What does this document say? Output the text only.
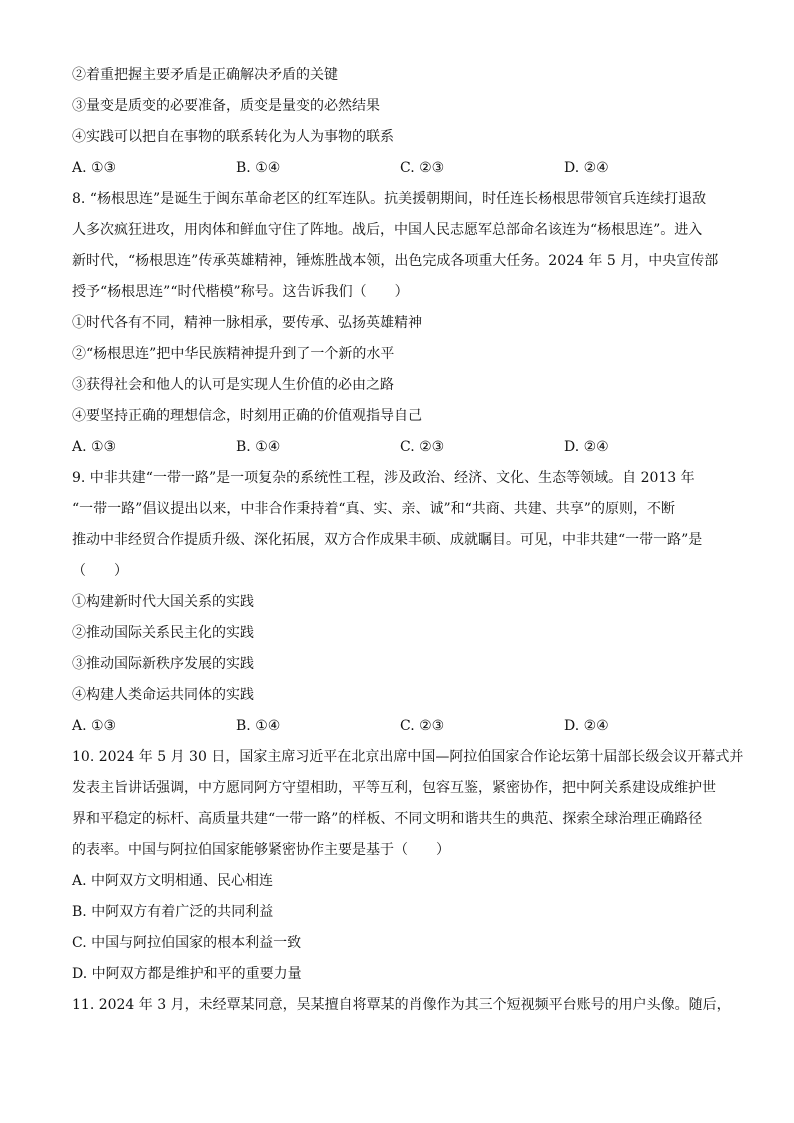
②着重把握主要矛盾是正确解决矛盾的关键
③量变是质变的必要准备，质变是量变的必然结果
④实践可以把自在事物的联系转化为人为事物的联系
A. ①③	B. ①④	C. ②③	D. ②④
8. “杨根思连”是诞生于闽东革命老区的红军连队。抗美援朝期间，时任连长杨根思带领官兵连续打退敌
人多次疯狂进攻，用肉体和鲜血守住了阵地。战后，中国人民志愿军总部命名该连为“杨根思连”。进入
新时代，“杨根思连”传承英雄精神，锤炼胜战本领，出色完成各项重大任务。2024 年 5 月，中央宣传部
授予“杨根思连”“时代楷模”称号。这告诉我们（　　）
①时代各有不同，精神一脉相承，要传承、弘扬英雄精神
②“杨根思连”把中华民族精神提升到了一个新的水平
③获得社会和他人的认可是实现人生价值的必由之路
④要坚持正确的理想信念，时刻用正确的价值观指导自己
A. ①③	B. ①④	C. ②③	D. ②④
9. 中非共建“一带一路”是一项复杂的系统性工程，涉及政治、经济、文化、生态等领域。自 2013 年
“一带一路”倡议提出以来，中非合作秉持着“真、实、亲、诚”和“共商、共建、共享”的原则，不断
推动中非经贸合作提质升级、深化拓展，双方合作成果丰硕、成就瞩目。可见，中非共建“一带一路”是
（　　）
①构建新时代大国关系的实践
②推动国际关系民主化的实践
③推动国际新秩序发展的实践
④构建人类命运共同体的实践
A. ①③	B. ①④	C. ②③	D. ②④
10. 2024 年 5 月 30 日，国家主席习近平在北京出席中国—阿拉伯国家合作论坛第十届部长级会议开幕式并
发表主旨讲话强调，中方愿同阿方守望相助，平等互利，包容互鉴，紧密协作，把中阿关系建设成维护世
界和平稳定的标杆、高质量共建“一带一路”的样板、不同文明和谐共生的典范、探索全球治理正确路径
的表率。中国与阿拉伯国家能够紧密协作主要是基于（　　）
A. 中阿双方文明相通、民心相连
B. 中阿双方有着广泛的共同利益
C. 中国与阿拉伯国家的根本利益一致
D. 中阿双方都是维护和平的重要力量
11. 2024 年 3 月，未经覃某同意，吴某擅自将覃某的肖像作为其三个短视频平台账号的用户头像。随后，
